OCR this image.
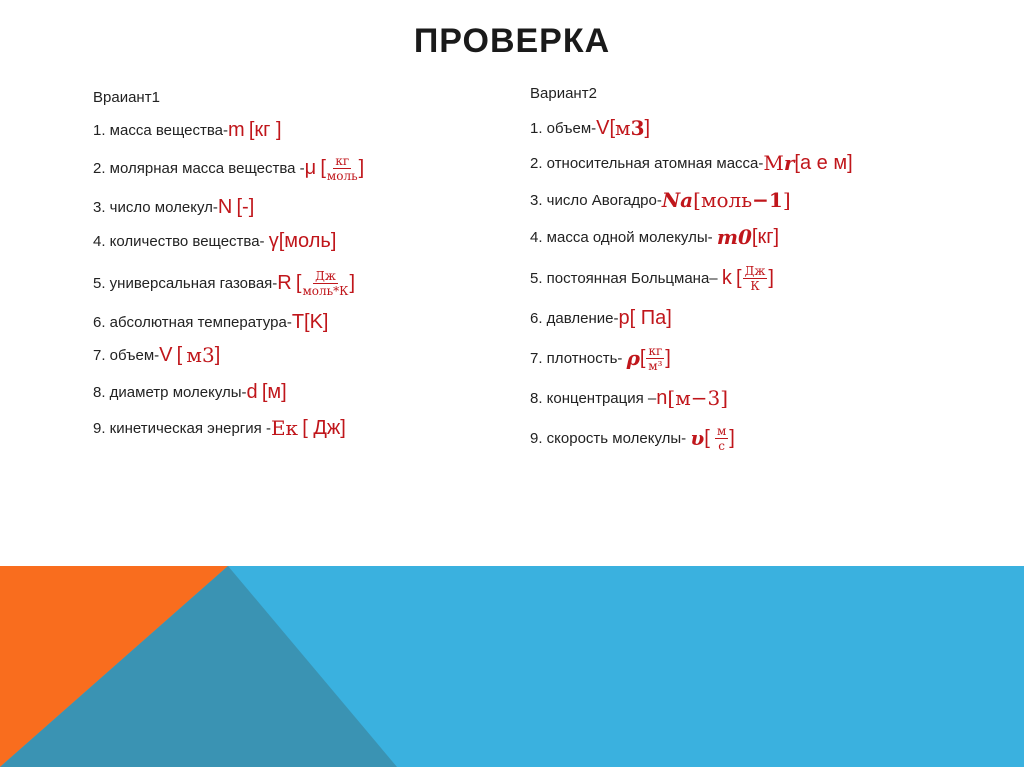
ПРОВЕРКА
Враиант1
1. масса вещества- m
[кг ]
2. молярная масса вещества - μ
[ $\frac{кг}{\text{моль}}$ ]
3. число молекул- N
[-]
4. количество вещества-
γ [моль]
5. универсальная газовая- R
[ $\frac{Дж}{\text{моль*К}}$ ]
6. абсолютная температура- T [K]
7. объем- V
[
м 3 ]
8. диаметр молекулы- d
[м]
9. кинетическая энергия - E к
[ Дж]
Вариант2
1. объем- V [ м 3 ]
2. относительная атомная масса- M r [а е м]
3. число Авогадро- N a [ моль −1 ]
4. масса одной молекулы-
m 0 [кг]
5. постоянная Больцмана–
k
[ $\frac{Дж}{К}$ ]
6. давление- p [ Па]
7. плотность-
ρ [ $\frac{кг}{\text{м³}}$ ]
8. концентрация – n [ м −3 ]
9. скорость молекулы-
υ [
$\frac{м}{с}$ ]
